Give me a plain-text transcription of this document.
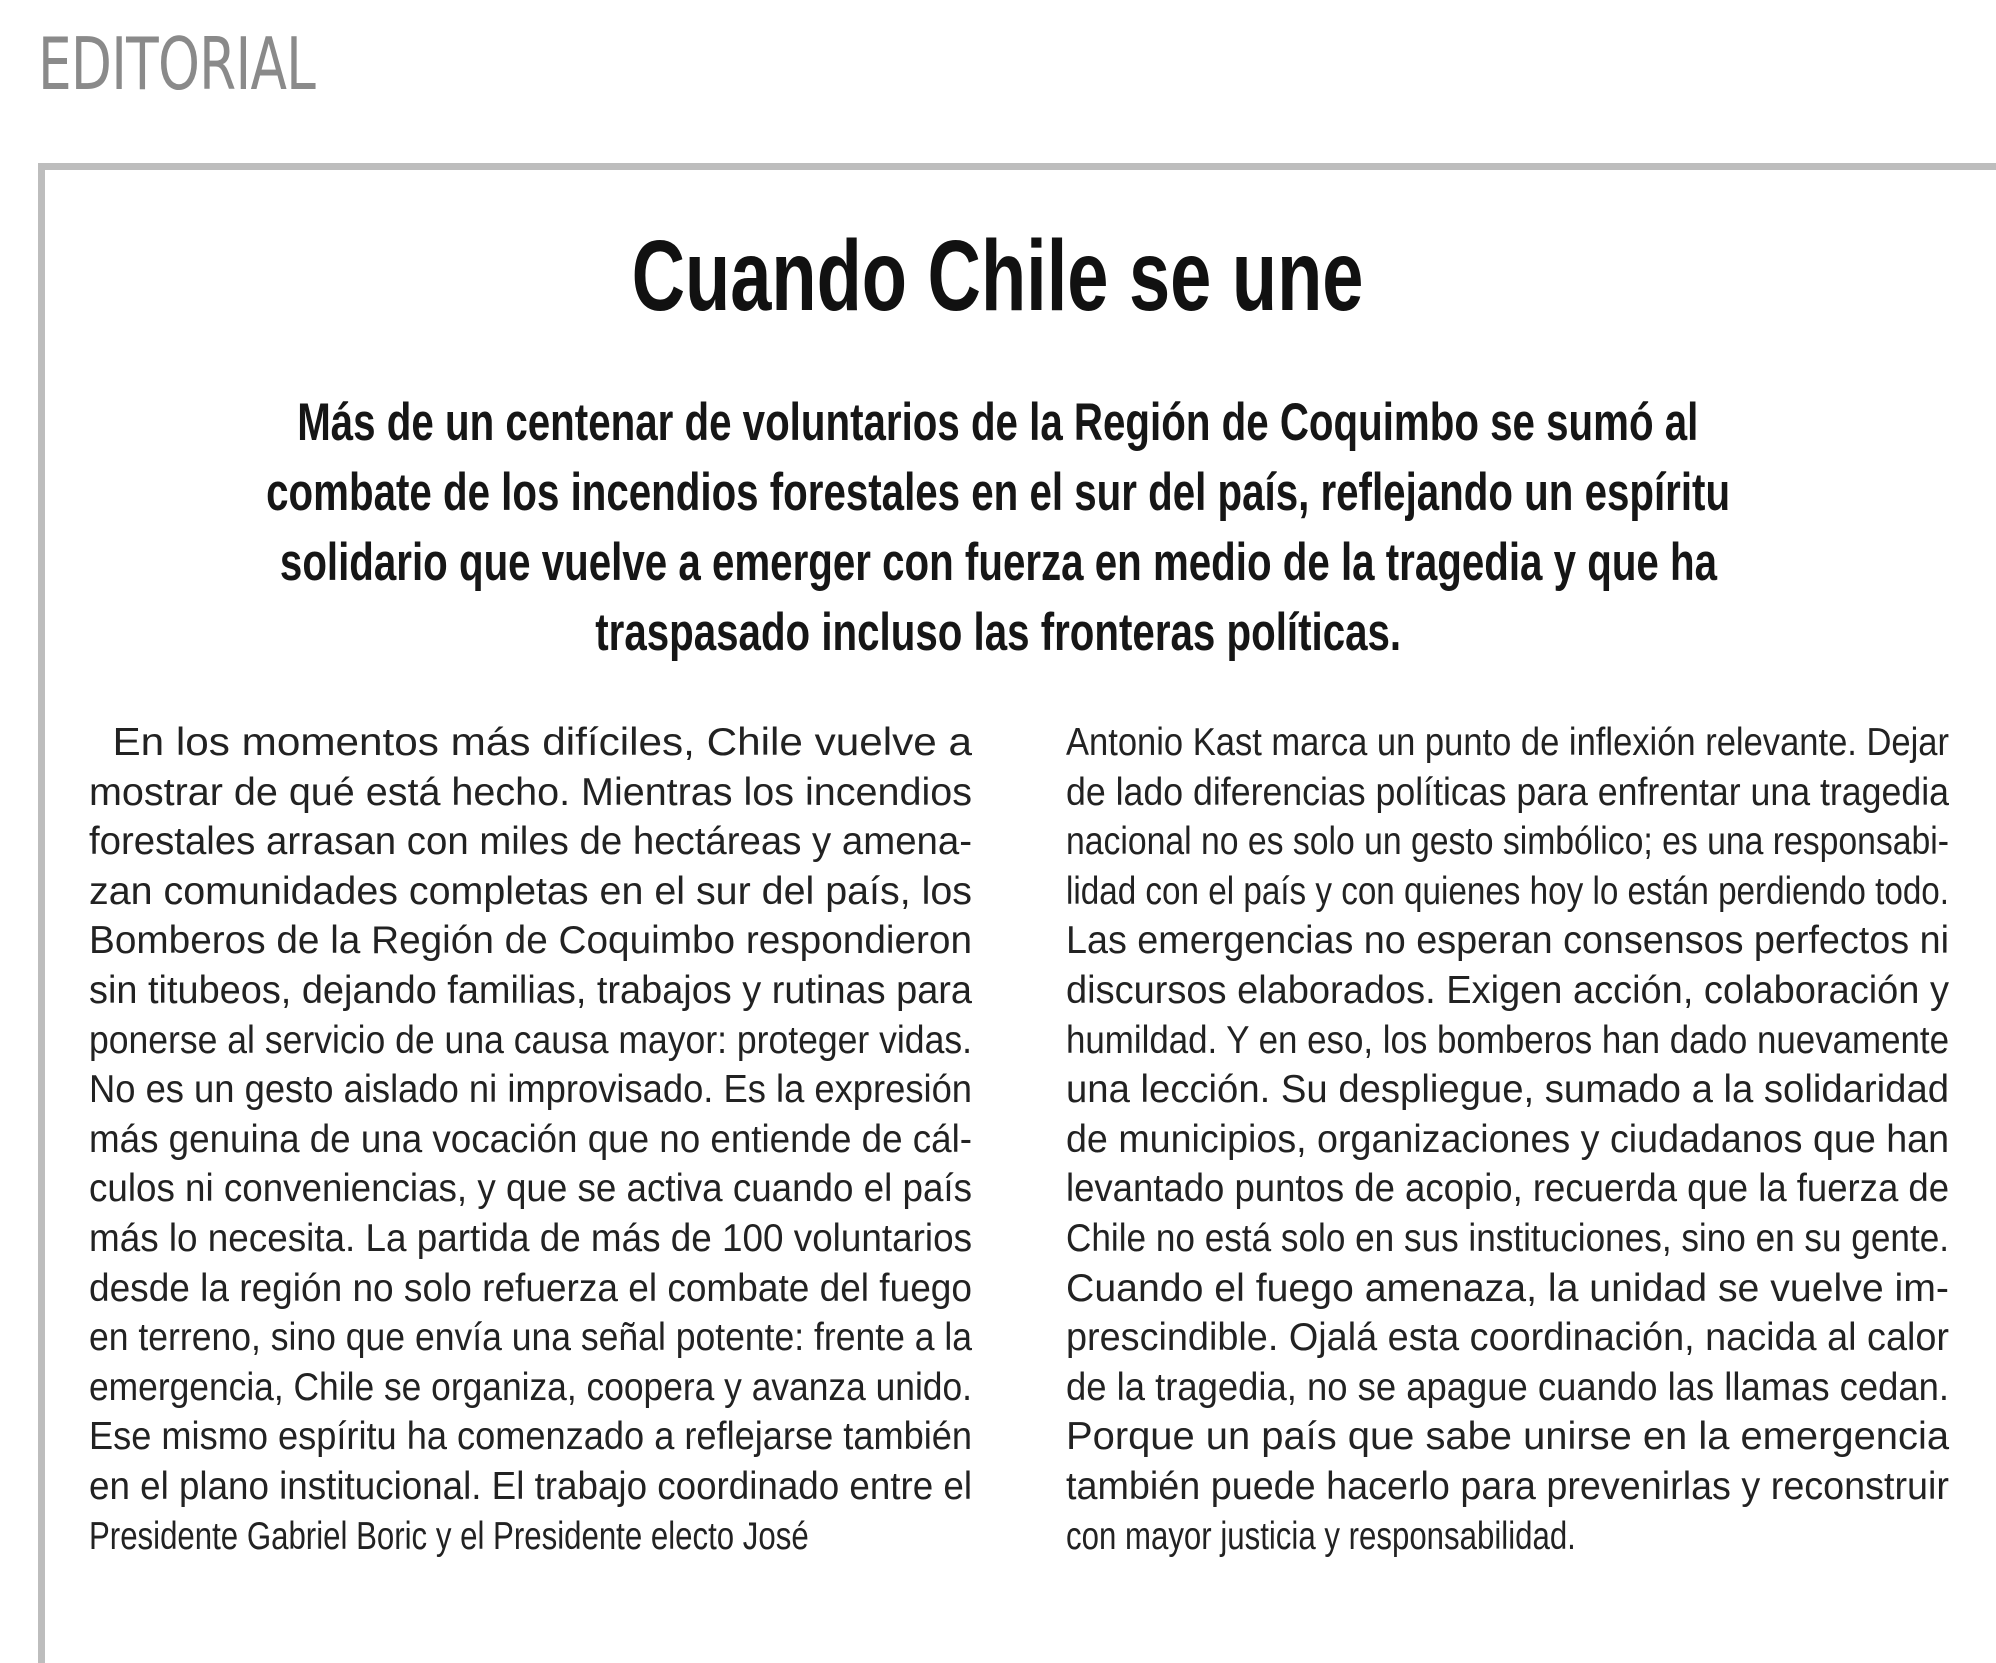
EDITORIAL
Cuando Chile se une
Más de un centenar de voluntarios de la Región de Coquimbo se sumó al
combate de los incendios forestales en el sur del país, reflejando un espíritu
solidario que vuelve a emerger con fuerza en medio de la tragedia y que ha
traspasado incluso las fronteras políticas.
En los momentos más difíciles, Chile vuelve a
mostrar de qué está hecho. Mientras los incendios
forestales arrasan con miles de hectáreas y amena-
zan comunidades completas en el sur del país, los
Bomberos de la Región de Coquimbo respondieron
sin titubeos, dejando familias, trabajos y rutinas para
ponerse al servicio de una causa mayor: proteger vidas.
No es un gesto aislado ni improvisado. Es la expresión
más genuina de una vocación que no entiende de cál-
culos ni conveniencias, y que se activa cuando el país
más lo necesita. La partida de más de 100 voluntarios
desde la región no solo refuerza el combate del fuego
en terreno, sino que envía una señal potente: frente a la
emergencia, Chile se organiza, coopera y avanza unido.
Ese mismo espíritu ha comenzado a reflejarse también
en el plano institucional. El trabajo coordinado entre el
Presidente Gabriel Boric y el Presidente electo José
Antonio Kast marca un punto de inflexión relevante. Dejar
de lado diferencias políticas para enfrentar una tragedia
nacional no es solo un gesto simbólico; es una responsabi-
lidad con el país y con quienes hoy lo están perdiendo todo.
Las emergencias no esperan consensos perfectos ni
discursos elaborados. Exigen acción, colaboración y
humildad. Y en eso, los bomberos han dado nuevamente
una lección. Su despliegue, sumado a la solidaridad
de municipios, organizaciones y ciudadanos que han
levantado puntos de acopio, recuerda que la fuerza de
Chile no está solo en sus instituciones, sino en su gente.
Cuando el fuego amenaza, la unidad se vuelve im-
prescindible. Ojalá esta coordinación, nacida al calor
de la tragedia, no se apague cuando las llamas cedan.
Porque un país que sabe unirse en la emergencia
también puede hacerlo para prevenirlas y reconstruir
con mayor justicia y responsabilidad.
